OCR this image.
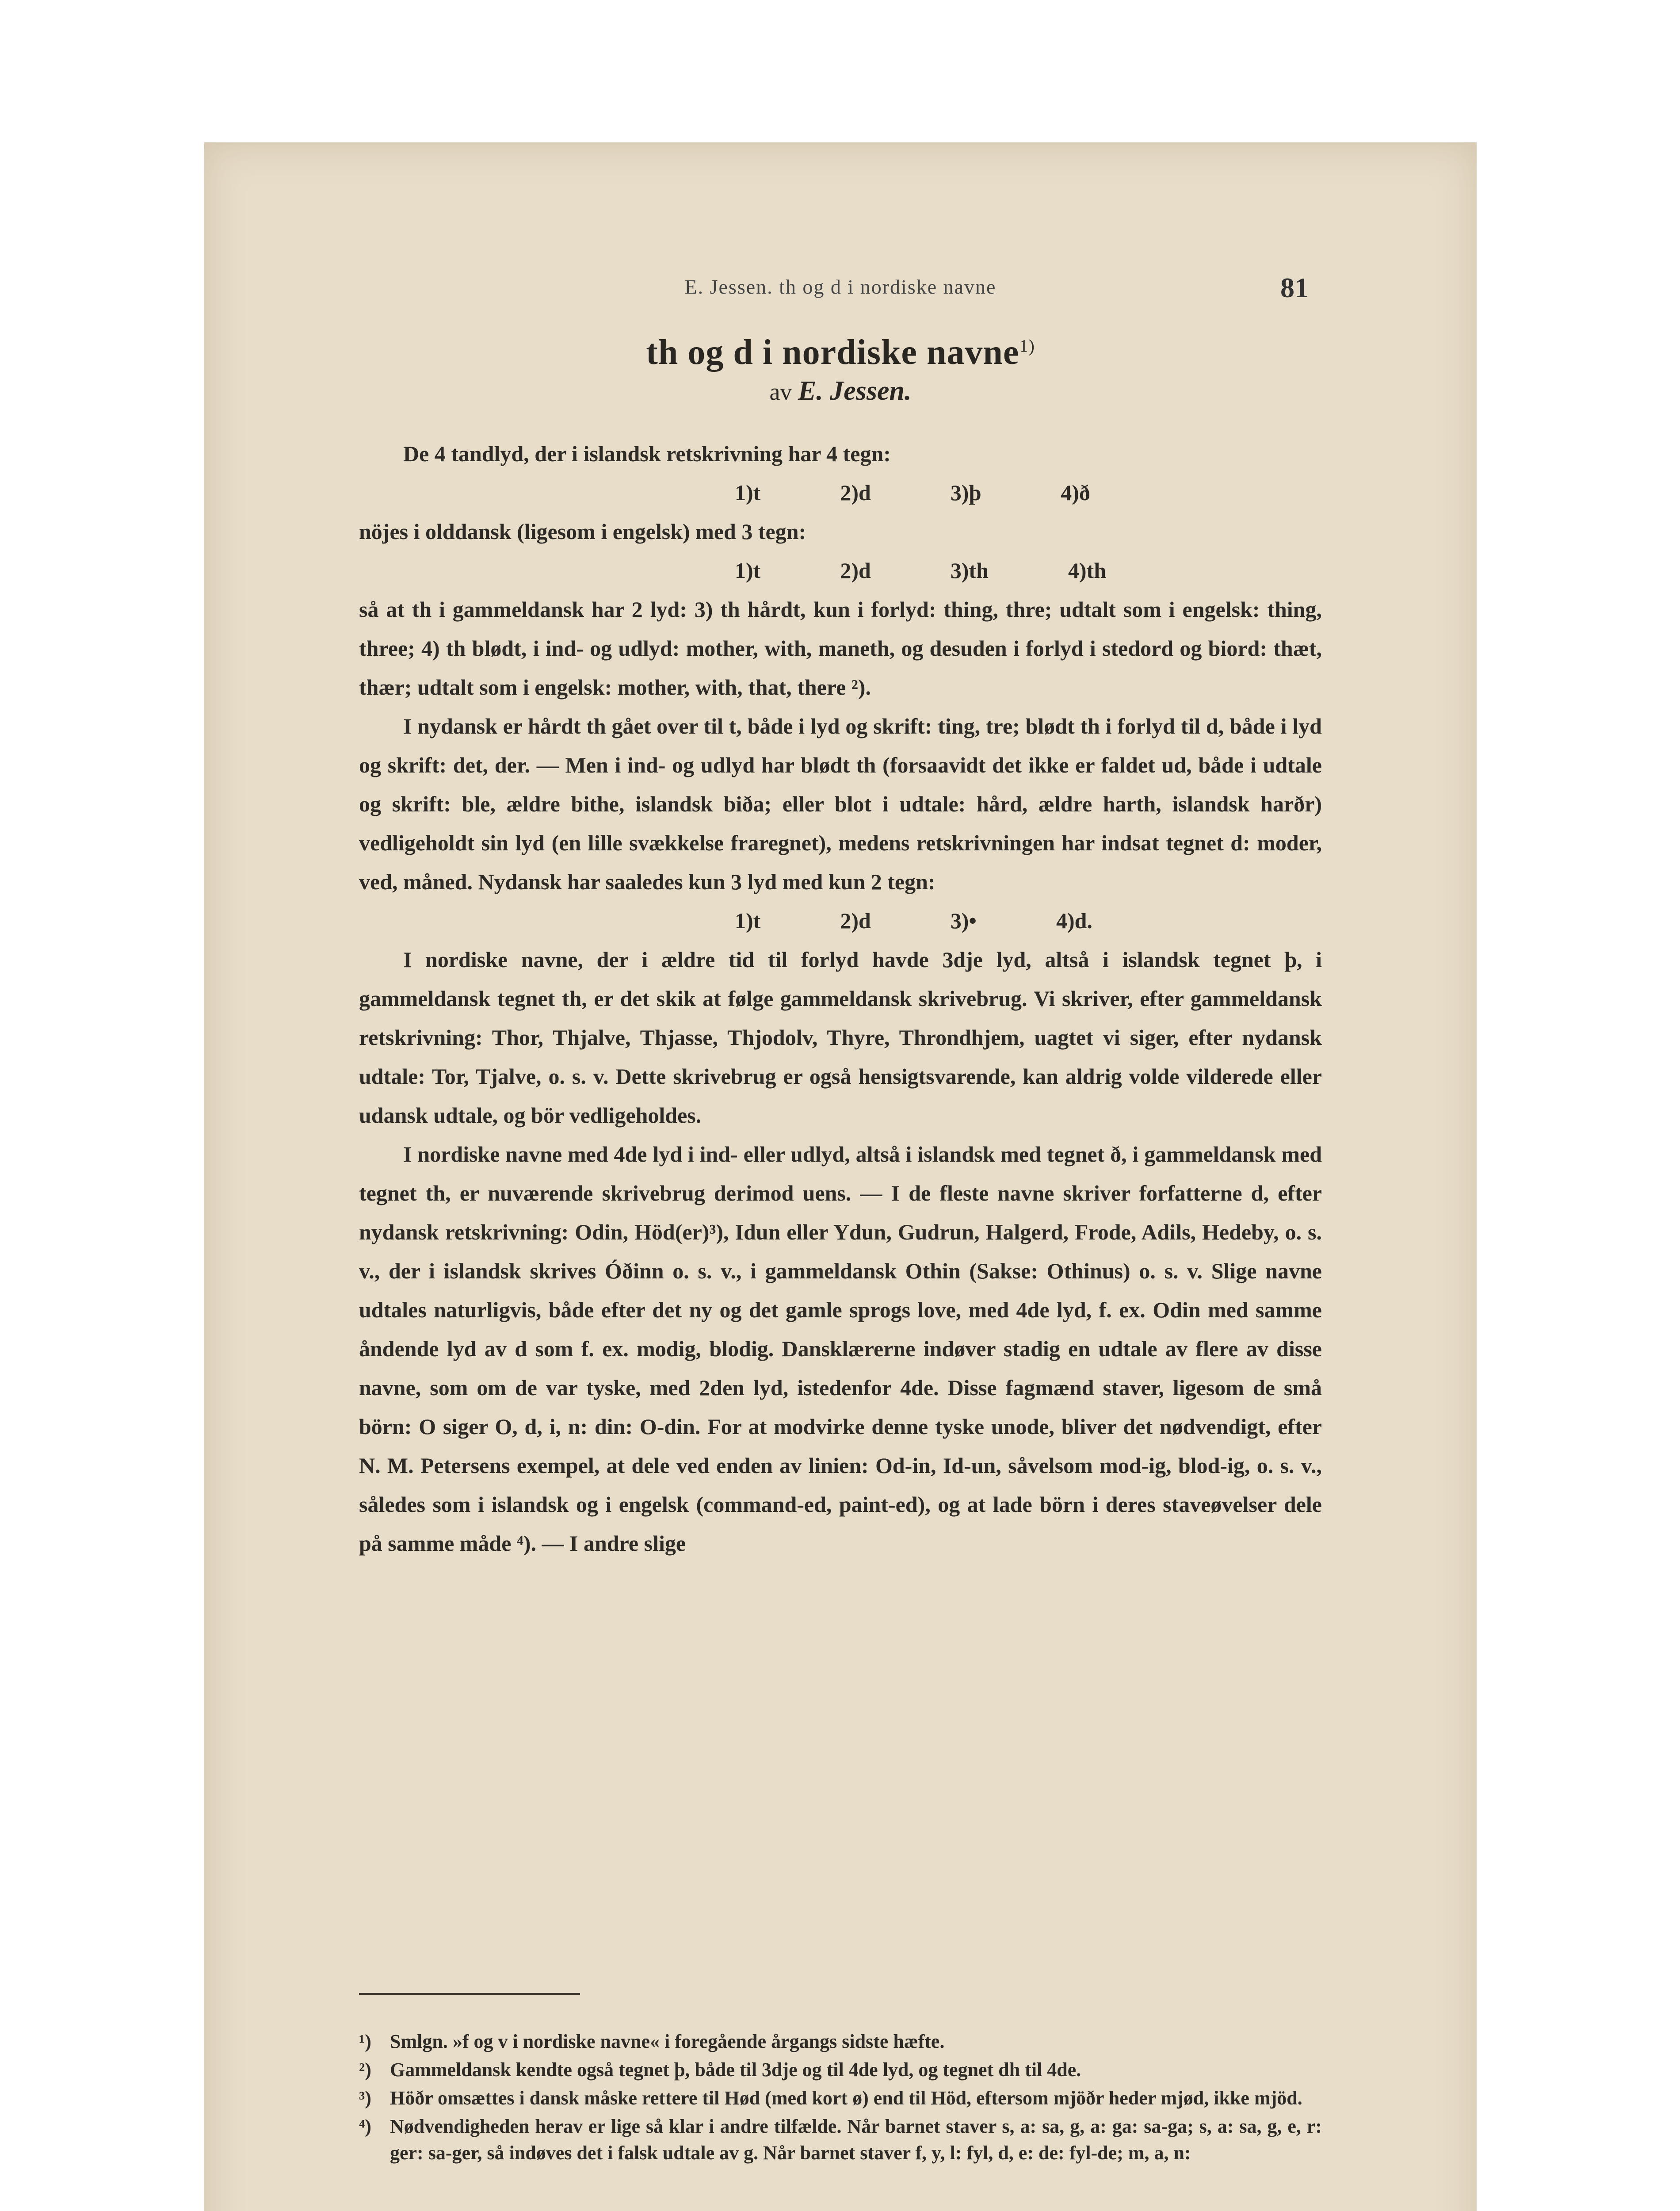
E. Jessen. th og d i nordiske navne	81
th og d i nordiske navne$^{1)}$
av E. Jessen.

De 4 tandlyd, der i islandsk retskrivning har 4 tegn:

1)t	2)d	3)þ	4)ð

nöjes i olddansk (ligesom i engelsk) med 3 tegn:

1)t	2)d	3)th	4)th

så at th i gammeldansk har 2 lyd: 3) th hårdt, kun i forlyd: thing, thre; udtalt som i engelsk: thing, three; 4) th blødt, i ind- og udlyd: mother, with, maneth, og desuden i forlyd i stedord og biord: thæt, thær; udtalt som i engelsk: mother, with, that, there ²).

I nydansk er hårdt th gået over til t, både i lyd og skrift: ting, tre; blødt th i forlyd til d, både i lyd og skrift: det, der. — Men i ind- og udlyd har blødt th (forsaavidt det ikke er faldet ud, både i udtale og skrift: ble, ældre bithe, islandsk biða; eller blot i udtale: hård, ældre harth, islandsk harðr) vedligeholdt sin lyd (en lille svækkelse fraregnet), medens retskrivningen har indsat tegnet d: moder, ved, måned. Nydansk har saaledes kun 3 lyd med kun 2 tegn:

1)t	2)d	3)•	4)d.

I nordiske navne, der i ældre tid til forlyd havde 3dje lyd, altså i islandsk tegnet þ, i gammeldansk tegnet th, er det skik at følge gammeldansk skrivebrug. Vi skriver, efter gammeldansk retskrivning: Thor, Thjalve, Thjasse, Thjodolv, Thyre, Throndhjem, uagtet vi siger, efter nydansk udtale: Tor, Tjalve, o. s. v. Dette skrivebrug er også hensigtsvarende, kan aldrig volde vilderede eller udansk udtale, og bör vedligeholdes.

I nordiske navne med 4de lyd i ind- eller udlyd, altså i islandsk med tegnet ð, i gammeldansk med tegnet th, er nuværende skrivebrug derimod uens. — I de fleste navne skriver forfatterne d, efter nydansk retskrivning: Odin, Höd(er)³), Idun eller Ydun, Gudrun, Halgerd, Frode, Adils, Hedeby, o. s. v., der i islandsk skrives Óðinn o. s. v., i gammeldansk Othin (Sakse: Othinus) o. s. v. Slige navne udtales naturligvis, både efter det ny og det gamle sprogs love, med 4de lyd, f. ex. Odin med samme åndende lyd av d som f. ex. modig, blodig. Dansklærerne indøver stadig en udtale av flere av disse navne, som om de var tyske, med 2den lyd, istedenfor 4de. Disse fagmænd staver, ligesom de små börn: O siger O, d, i, n: din: O-din. For at modvirke denne tyske unode, bliver det nødvendigt, efter N. M. Petersens exempel, at dele ved enden av linien: Od-in, Id-un, såvelsom mod-ig, blod-ig, o. s. v., således som i islandsk og i engelsk (command-ed, paint-ed), og at lade börn i deres staveøvelser dele på samme måde ⁴). — I andre slige

¹) Smlgn. »f og v i nordiske navne« i foregående årgangs sidste hæfte.
²) Gammeldansk kendte også tegnet þ, både til 3dje og til 4de lyd, og tegnet dh til 4de.
³) Höðr omsættes i dansk måske rettere til Hød (med kort ø) end til Höd, eftersom mjöðr heder mjød, ikke mjöd.
⁴) Nødvendigheden herav er lige så klar i andre tilfælde. Når barnet staver s, a: sa, g, a: ga: sa-ga; s, a: sa, g, e, r: ger: sa-ger, så indøves det i falsk udtale av g. Når barnet staver f, y, l: fyl, d, e: de: fyl-de; m, a, n:
